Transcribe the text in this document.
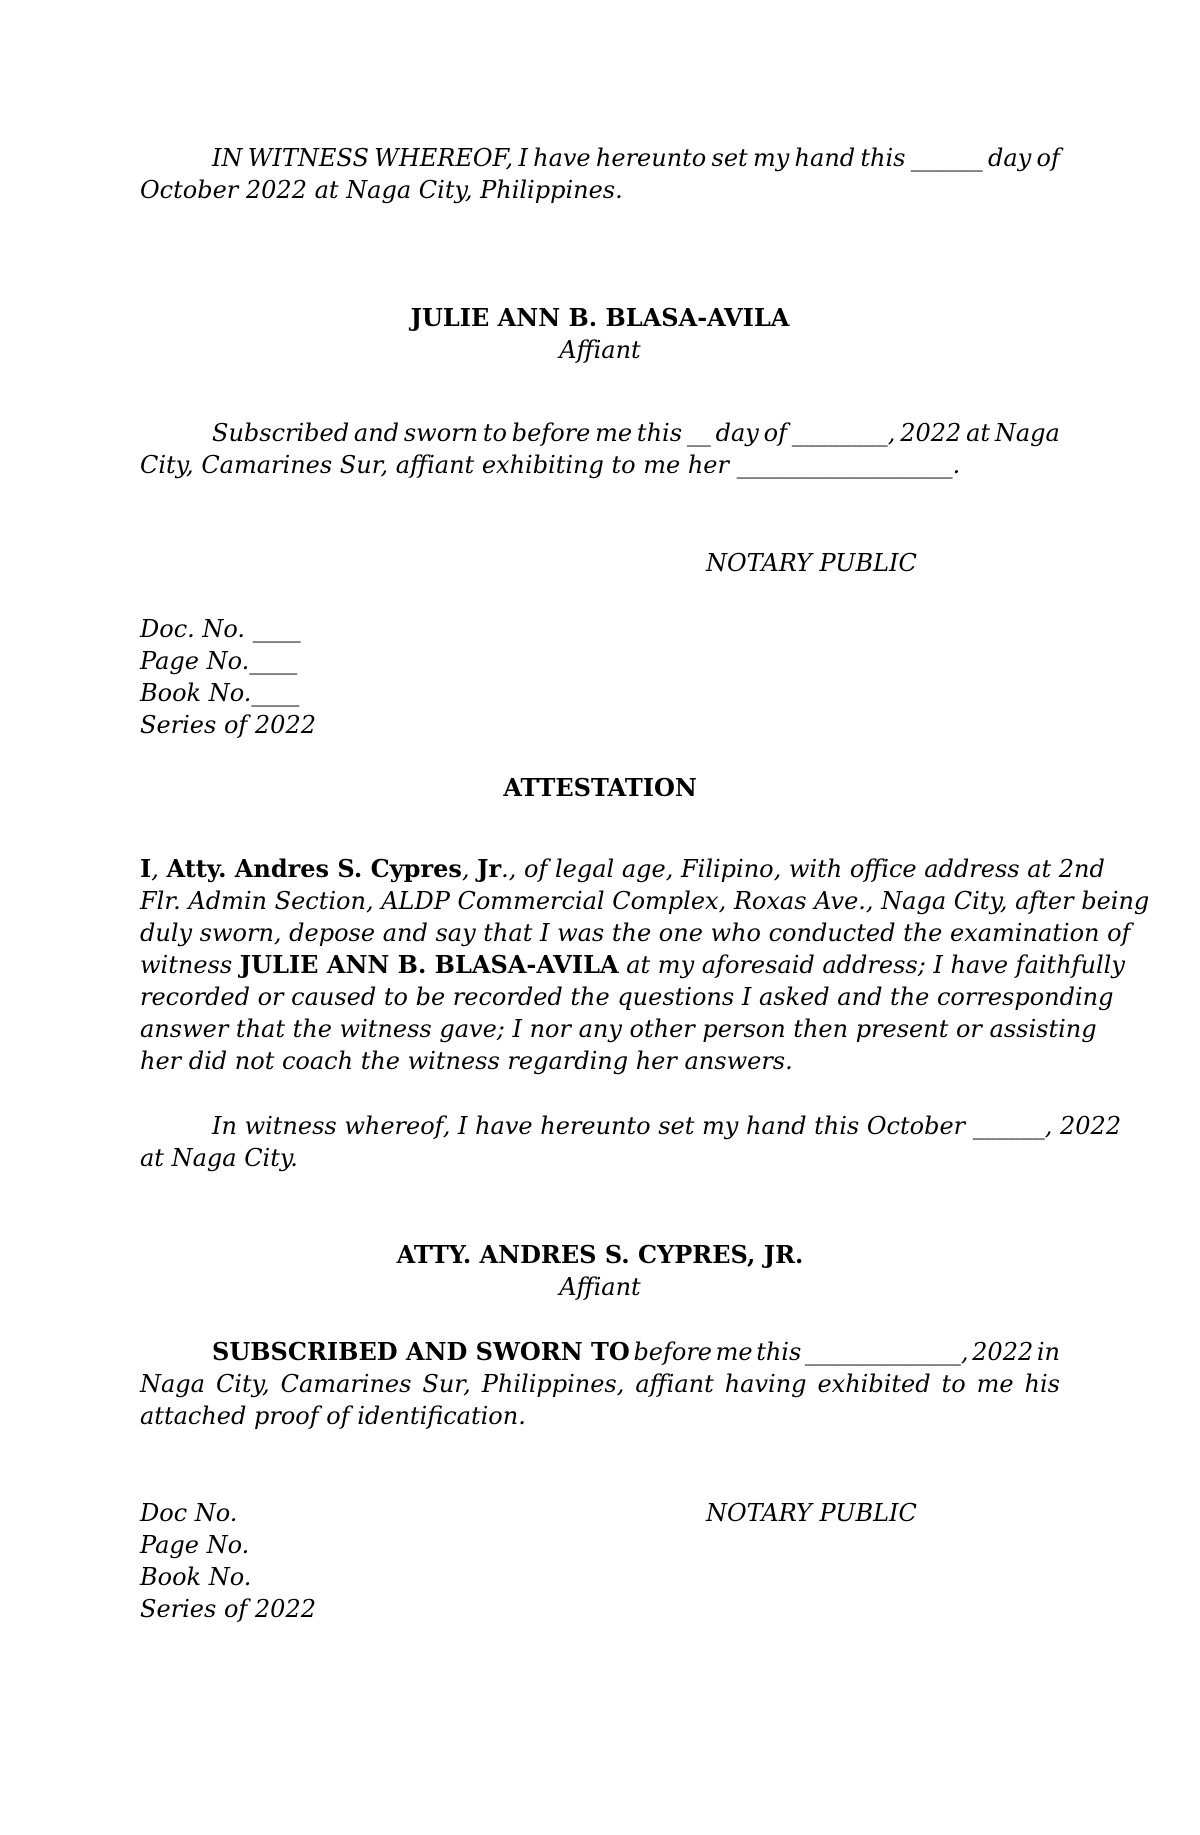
IN WITNESS WHEREOF, I have hereunto set my hand this ______ day of
October 2022 at Naga City, Philippines.
JULIE ANN B. BLASA-AVILA
Affiant
Subscribed and sworn to before me this __ day of ________, 2022 at Naga
City, Camarines Sur, affiant exhibiting to me her __________________.
NOTARY PUBLIC
Doc. No. ____
Page No.____
Book No.____
Series of 2022
ATTESTATION
I, Atty. Andres S. Cypres, Jr., of legal age, Filipino, with office address at 2nd
Flr. Admin Section, ALDP Commercial Complex, Roxas Ave., Naga City, after being
duly sworn, depose and say that I was the one who conducted the examination of
witness JULIE ANN B. BLASA-AVILA at my aforesaid address; I have faithfully
recorded or caused to be recorded the questions I asked and the corresponding
answer that the witness gave; I nor any other person then present or assisting
her did not coach the witness regarding her answers.
In witness whereof, I have hereunto set my hand this October ______, 2022
at Naga City.
ATTY. ANDRES S. CYPRES, JR.
Affiant
SUBSCRIBED AND SWORN TO before me this _____________, 2022 in
Naga City, Camarines Sur, Philippines, affiant having exhibited to me his
attached proof of identification.
NOTARY PUBLIC
Doc No.
Page No.
Book No.
Series of 2022
